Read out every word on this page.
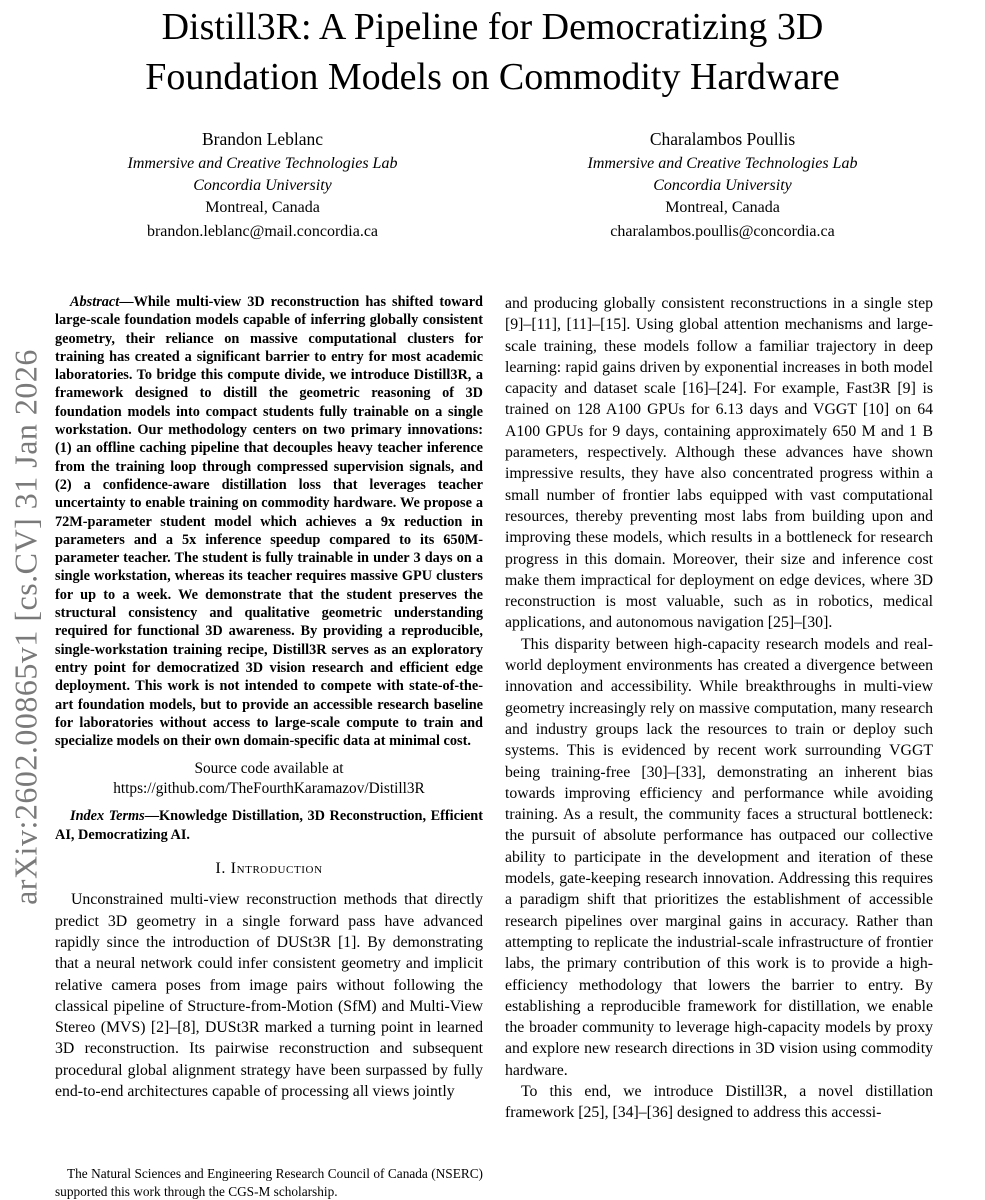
arXiv:2602.00865v1 [cs.CV] 31 Jan 2026
Distill3R: A Pipeline for Democratizing 3D
Foundation Models on Commodity Hardware
Brandon Leblanc
Immersive and Creative Technologies Lab
Concordia University
Montreal, Canada
brandon.leblanc@mail.concordia.ca
Charalambos Poullis
Immersive and Creative Technologies Lab
Concordia University
Montreal, Canada
charalambos.poullis@concordia.ca

Abstract—While multi-view 3D reconstruction has shifted toward large-scale foundation models capable of inferring globally consistent geometry, their reliance on massive computational clusters for training has created a significant barrier to entry for most academic laboratories. To bridge this compute divide, we introduce Distill3R, a framework designed to distill the geometric reasoning of 3D foundation models into compact students fully trainable on a single workstation. Our methodology centers on two primary innovations: (1) an offline caching pipeline that decouples heavy teacher inference from the training loop through compressed supervision signals, and (2) a confidence-aware distillation loss that leverages teacher uncertainty to enable training on commodity hardware. We propose a 72M-parameter student model which achieves a 9x reduction in parameters and a 5x inference speedup compared to its 650M-parameter teacher. The student is fully trainable in under 3 days on a single workstation, whereas its teacher requires massive GPU clusters for up to a week. We demonstrate that the student preserves the structural consistency and qualitative geometric understanding required for functional 3D awareness. By providing a reproducible, single-workstation training recipe, Distill3R serves as an exploratory entry point for democratized 3D vision research and efficient edge deployment. This work is not intended to compete with state-of-the-art foundation models, but to provide an accessible research baseline for laboratories without access to large-scale compute to train and specialize models on their own domain-specific data at minimal cost.

Source code available at
https://github.com/TheFourthKaramazov/Distill3R

Index Terms—Knowledge Distillation, 3D Reconstruction, Efficient AI, Democratizing AI.

I. Introduction

Unconstrained multi-view reconstruction methods that directly predict 3D geometry in a single forward pass have advanced rapidly since the introduction of DUSt3R [1]. By demonstrating that a neural network could infer consistent geometry and implicit relative camera poses from image pairs without following the classical pipeline of Structure-from-Motion (SfM) and Multi-View Stereo (MVS) [2]–[8], DUSt3R marked a turning point in learned 3D reconstruction. Its pairwise reconstruction and subsequent procedural global alignment strategy have been surpassed by fully end-to-end architectures capable of processing all views jointly

The Natural Sciences and Engineering Research Council of Canada (NSERC) supported this work through the CGS-M scholarship.

and producing globally consistent reconstructions in a single step [9]–[11], [11]–[15]. Using global attention mechanisms and large-scale training, these models follow a familiar trajectory in deep learning: rapid gains driven by exponential increases in both model capacity and dataset scale [16]–[24]. For example, Fast3R [9] is trained on 128 A100 GPUs for 6.13 days and VGGT [10] on 64 A100 GPUs for 9 days, containing approximately 650 M and 1 B parameters, respectively. Although these advances have shown impressive results, they have also concentrated progress within a small number of frontier labs equipped with vast computational resources, thereby preventing most labs from building upon and improving these models, which results in a bottleneck for research progress in this domain. Moreover, their size and inference cost make them impractical for deployment on edge devices, where 3D reconstruction is most valuable, such as in robotics, medical applications, and autonomous navigation [25]–[30].

This disparity between high-capacity research models and real-world deployment environments has created a divergence between innovation and accessibility. While breakthroughs in multi-view geometry increasingly rely on massive computation, many research and industry groups lack the resources to train or deploy such systems. This is evidenced by recent work surrounding VGGT being training-free [30]–[33], demonstrating an inherent bias towards improving efficiency and performance while avoiding training. As a result, the community faces a structural bottleneck: the pursuit of absolute performance has outpaced our collective ability to participate in the development and iteration of these models, gate-keeping research innovation. Addressing this requires a paradigm shift that prioritizes the establishment of accessible research pipelines over marginal gains in accuracy. Rather than attempting to replicate the industrial-scale infrastructure of frontier labs, the primary contribution of this work is to provide a high-efficiency methodology that lowers the barrier to entry. By establishing a reproducible framework for distillation, we enable the broader community to leverage high-capacity models by proxy and explore new research directions in 3D vision using commodity hardware.

To this end, we introduce Distill3R, a novel distillation framework [25], [34]–[36] designed to address this accessi-
